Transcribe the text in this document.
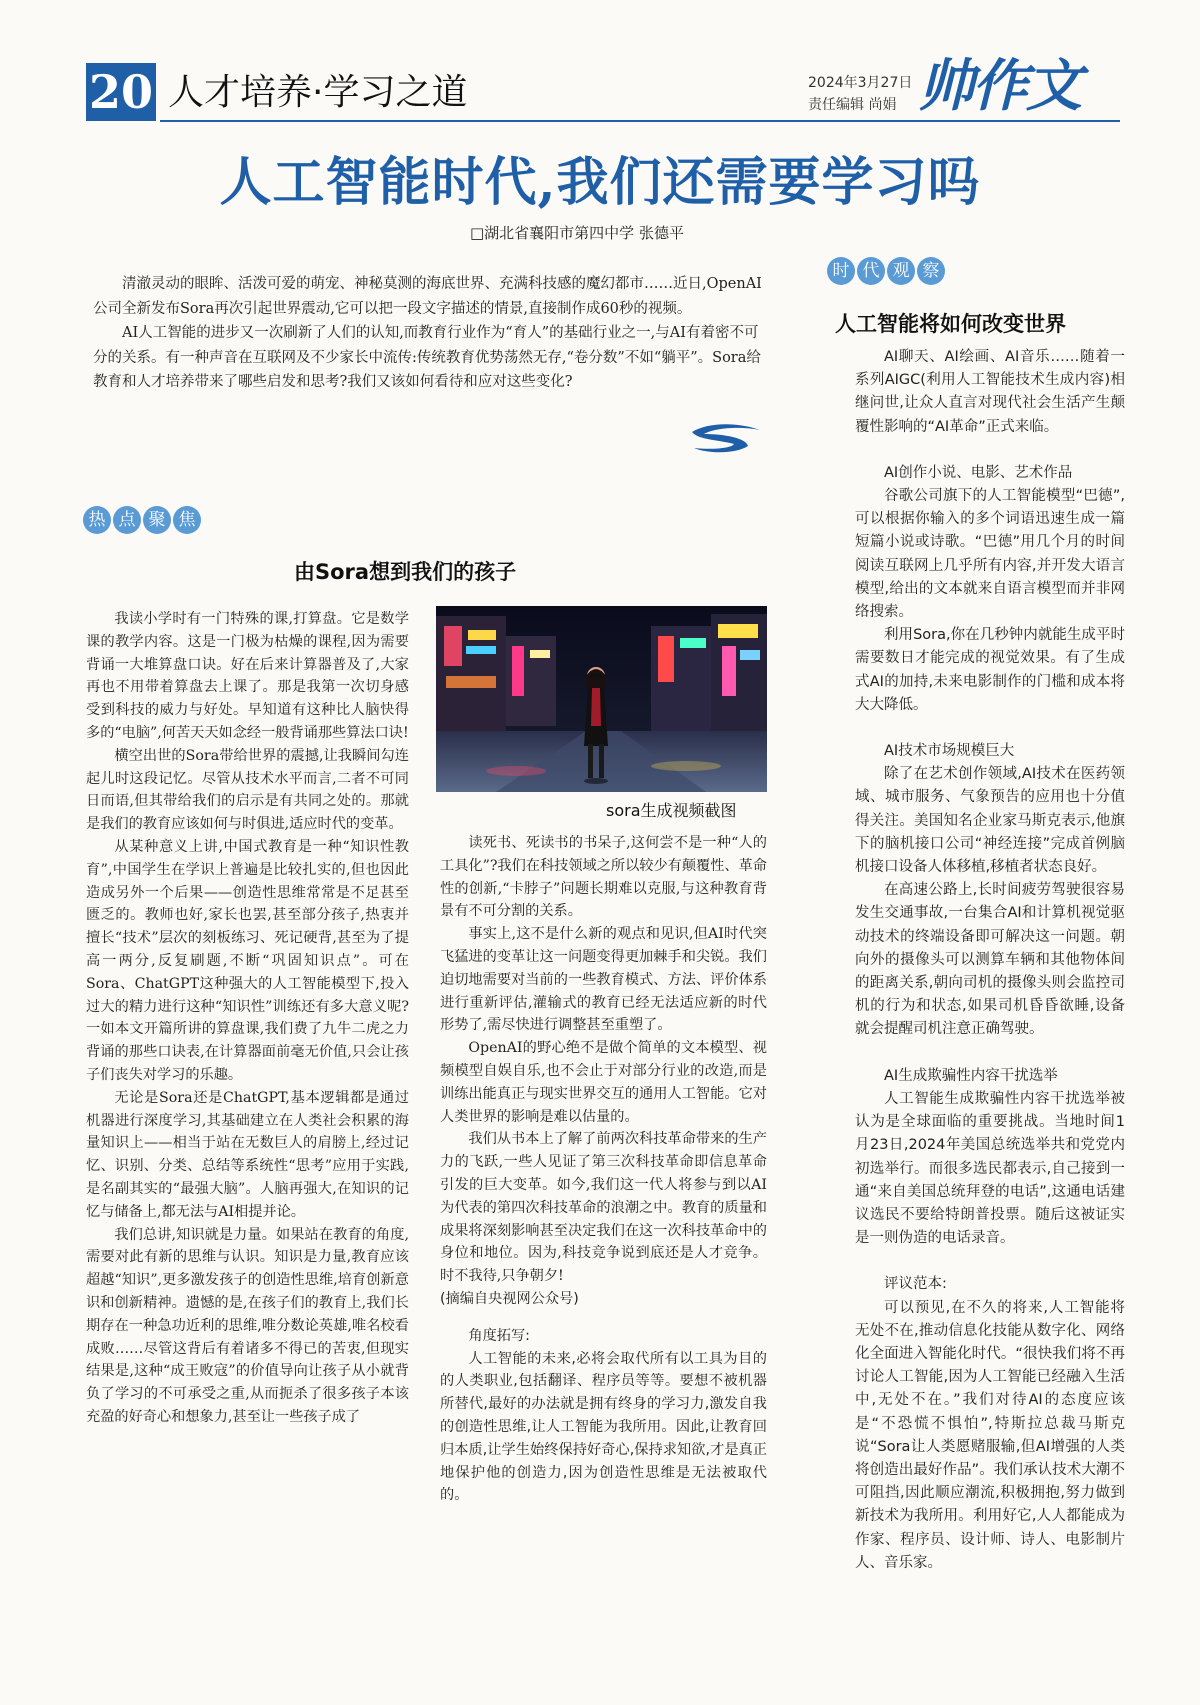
20 人才培养·学习之道	2024年3月27日
责任编辑 尚娟 帅作文
人工智能时代,我们还需要学习吗
□湖北省襄阳市第四中学 张德平

清澈灵动的眼眸、活泼可爱的萌宠、神秘莫测的海底世界、充满科技感的魔幻都市……近日,OpenAI公司全新发布Sora再次引起世界震动,它可以把一段文字描述的情景,直接制作成60秒的视频。

AI人工智能的进步又一次刷新了人们的认知,而教育行业作为“育人”的基础行业之一,与AI有着密不可分的关系。有一种声音在互联网及不少家长中流传:传统教育优势荡然无存,“卷分数”不如“躺平”。Sora给教育和人才培养带来了哪些启发和思考?我们又该如何看待和应对这些变化?

时 代 观 察
人工智能将如何改变世界

AI聊天、AI绘画、AI音乐……随着一系列AIGC(利用人工智能技术生成内容)相继问世,让众人直言对现代社会生活产生颠覆性影响的“AI革命”正式来临。

AI创作小说、电影、艺术作品

谷歌公司旗下的人工智能模型“巴德”,可以根据你输入的多个词语迅速生成一篇短篇小说或诗歌。“巴德”用几个月的时间阅读互联网上几乎所有内容,并开发大语言模型,给出的文本就来自语言模型而并非网络搜索。

利用Sora,你在几秒钟内就能生成平时需要数日才能完成的视觉效果。有了生成式AI的加持,未来电影制作的门槛和成本将大大降低。

AI技术市场规模巨大

除了在艺术创作领域,AI技术在医药领域、城市服务、气象预告的应用也十分值得关注。美国知名企业家马斯克表示,他旗下的脑机接口公司“神经连接”完成首例脑机接口设备人体移植,移植者状态良好。

在高速公路上,长时间疲劳驾驶很容易发生交通事故,一台集合AI和计算机视觉驱动技术的终端设备即可解决这一问题。朝向外的摄像头可以测算车辆和其他物体间的距离关系,朝向司机的摄像头则会监控司机的行为和状态,如果司机昏昏欲睡,设备就会提醒司机注意正确驾驶。

AI生成欺骗性内容干扰选举

人工智能生成欺骗性内容干扰选举被认为是全球面临的重要挑战。当地时间1月23日,2024年美国总统选举共和党党内初选举行。而很多选民都表示,自己接到一通“来自美国总统拜登的电话”,这通电话建议选民不要给特朗普投票。随后这被证实是一则伪造的电话录音。

评议范本:

可以预见,在不久的将来,人工智能将无处不在,推动信息化技能从数字化、网络化全面进入智能化时代。“很快我们将不再讨论人工智能,因为人工智能已经融入生活中,无处不在。”我们对待AI的态度应该是“不恐慌不惧怕”,特斯拉总裁马斯克说“Sora让人类愿赌服输,但AI增强的人类将创造出最好作品”。我们承认技术大潮不可阻挡,因此顺应潮流,积极拥抱,努力做到新技术为我所用。利用好它,人人都能成为作家、程序员、设计师、诗人、电影制片人、音乐家。

热 点 聚 焦
由Sora想到我们的孩子

我读小学时有一门特殊的课,打算盘。它是数学课的教学内容。这是一门极为枯燥的课程,因为需要背诵一大堆算盘口诀。好在后来计算器普及了,大家再也不用带着算盘去上课了。那是我第一次切身感受到科技的威力与好处。早知道有这种比人脑快得多的“电脑”,何苦天天如念经一般背诵那些算法口诀!

横空出世的Sora带给世界的震撼,让我瞬间勾连起儿时这段记忆。尽管从技术水平而言,二者不可同日而语,但其带给我们的启示是有共同之处的。那就是我们的教育应该如何与时俱进,适应时代的变革。

从某种意义上讲,中国式教育是一种“知识性教育”,中国学生在学识上普遍是比较扎实的,但也因此造成另外一个后果——创造性思维常常是不足甚至匮乏的。教师也好,家长也罢,甚至部分孩子,热衷并擅长“技术”层次的刻板练习、死记硬背,甚至为了提高一两分,反复刷题,不断“巩固知识点”。可在Sora、ChatGPT这种强大的人工智能模型下,投入过大的精力进行这种“知识性”训练还有多大意义呢?一如本文开篇所讲的算盘课,我们费了九牛二虎之力背诵的那些口诀表,在计算器面前毫无价值,只会让孩子们丧失对学习的乐趣。

无论是Sora还是ChatGPT,基本逻辑都是通过机器进行深度学习,其基础建立在人类社会积累的海量知识上——相当于站在无数巨人的肩膀上,经过记忆、识别、分类、总结等系统性“思考”应用于实践,是名副其实的“最强大脑”。人脑再强大,在知识的记忆与储备上,都无法与AI相提并论。

我们总讲,知识就是力量。如果站在教育的角度,需要对此有新的思维与认识。知识是力量,教育应该超越“知识”,更多激发孩子的创造性思维,培育创新意识和创新精神。遗憾的是,在孩子们的教育上,我们长期存在一种急功近利的思维,唯分数论英雄,唯名校看成败……尽管这背后有着诸多不得已的苦衷,但现实结果是,这种“成王败寇”的价值导向让孩子从小就背负了学习的不可承受之重,从而扼杀了很多孩子本该充盈的好奇心和想象力,甚至让一些孩子成了

sora生成视频截图

读死书、死读书的书呆子,这何尝不是一种“人的工具化”?我们在科技领域之所以较少有颠覆性、革命性的创新,“卡脖子”问题长期难以克服,与这种教育背景有不可分割的关系。

事实上,这不是什么新的观点和见识,但AI时代突飞猛进的变革让这一问题变得更加棘手和尖锐。我们迫切地需要对当前的一些教育模式、方法、评价体系进行重新评估,灌输式的教育已经无法适应新的时代形势了,需尽快进行调整甚至重塑了。

OpenAI的野心绝不是做个简单的文本模型、视频模型自娱自乐,也不会止于对部分行业的改造,而是训练出能真正与现实世界交互的通用人工智能。它对人类世界的影响是难以估量的。

我们从书本上了解了前两次科技革命带来的生产力的飞跃,一些人见证了第三次科技革命即信息革命引发的巨大变革。如今,我们这一代人将参与到以AI为代表的第四次科技革命的浪潮之中。教育的质量和成果将深刻影响甚至决定我们在这一次科技革命中的身位和地位。因为,科技竞争说到底还是人才竞争。时不我待,只争朝夕!

(摘编自央视网公众号)

角度拓写:

人工智能的未来,必将会取代所有以工具为目的的人类职业,包括翻译、程序员等等。要想不被机器所替代,最好的办法就是拥有终身的学习力,激发自我的创造性思维,让人工智能为我所用。因此,让教育回归本质,让学生始终保持好奇心,保持求知欲,才是真正地保护他的创造力,因为创造性思维是无法被取代的。
